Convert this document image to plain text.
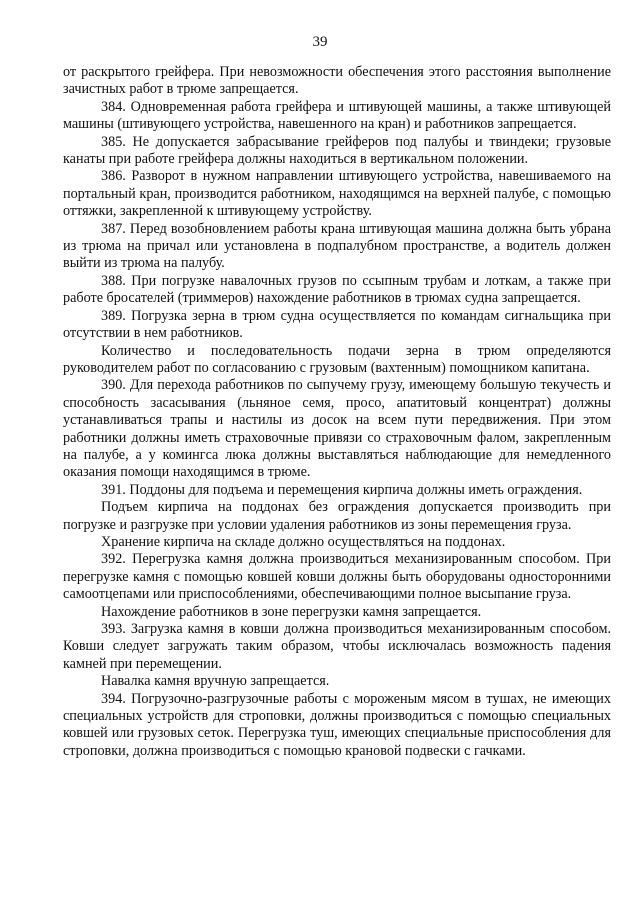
39

от раскрытого грейфера. При невозможности обеспечения этого расстояния выполнение зачистных работ в трюме запрещается.

384. Одновременная работа грейфера и штивующей машины, а также штивующей машины (штивующего устройства, навешенного на кран) и работников запрещается.

385. Не допускается забрасывание грейферов под палубы и твиндеки; грузовые канаты при работе грейфера должны находиться в вертикальном положении.

386. Разворот в нужном направлении штивующего устройства, навешиваемого на портальный кран, производится работником, находящимся на верхней палубе, с помощью оттяжки, закрепленной к штивующему устройству.

387. Перед возобновлением работы крана штивующая машина должна быть убрана из трюма на причал или установлена в подпалубном пространстве, а водитель должен выйти из трюма на палубу.

388. При погрузке навалочных грузов по ссыпным трубам и лоткам, а также при работе бросателей (триммеров) нахождение работников в трюмах судна запрещается.

389. Погрузка зерна в трюм судна осуществляется по командам сигнальщика при отсутствии в нем работников.

Количество и последовательность подачи зерна в трюм определяются руководителем работ по согласованию с грузовым (вахтенным) помощником капитана.

390. Для перехода работников по сыпучему грузу, имеющему большую текучесть и способность засасывания (льняное семя, просо, апатитовый концентрат) должны устанавливаться трапы и настилы из досок на всем пути передвижения. При этом работники должны иметь страховочные привязи со страховочным фалом, закрепленным на палубе, а у комингса люка должны выставляться наблюдающие для немедленного оказания помощи находящимся в трюме.

391. Поддоны для подъема и перемещения кирпича должны иметь ограждения.

Подъем кирпича на поддонах без ограждения допускается производить при погрузке и разгрузке при условии удаления работников из зоны перемещения груза.

Хранение кирпича на складе должно осуществляться на поддонах.

392. Перегрузка камня должна производиться механизированным способом. При перегрузке камня с помощью ковшей ковши должны быть оборудованы односторонними самоотцепами или приспособлениями, обеспечивающими полное высыпание груза.

Нахождение работников в зоне перегрузки камня запрещается.

393. Загрузка камня в ковши должна производиться механизированным способом. Ковши следует загружать таким образом, чтобы исключалась возможность падения камней при перемещении.

Навалка камня вручную запрещается.

394. Погрузочно-разгрузочные работы с мороженым мясом в тушах, не имеющих специальных устройств для строповки, должны производиться с помощью специальных ковшей или грузовых сеток. Перегрузка туш, имеющих специальные приспособления для строповки, должна производиться с помощью крановой подвески с гачками.
